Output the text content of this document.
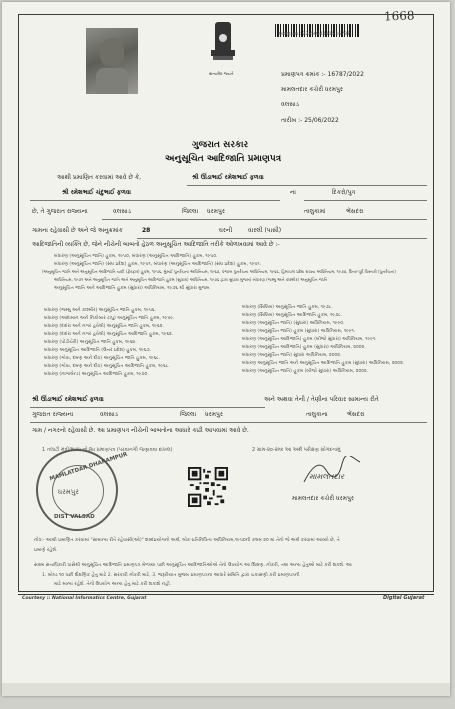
1668
સત્યમેવ જયતે
અરજી ક્રમ : 22350344006 16787
પ્રમાણપત્ર ક્રમાંક :- 16787/2022
મામલતદાર કચેરી ધરમપુર
વલસાડ
તારીખ :- 25/06/2022
ગુજરાત સરકાર
અનુસૂચિત આદિજાતિ પ્રમાણપત્ર
આથી પ્રમાણિત કરવામાં આવે છે કે,	શ્રી ઊંડાભાઈ રમેશભાઈ ફળવા
શ્રી રમેશભાઈ ચંદુભાઈ ફળવા	ના	દિકરો/પુત્ર
છે, તે ગુજરાત રાજ્યના	વલસાડ	જિલ્લા ધરમપુર	તાલુકામાં	ભેંસદરા
ગામના રહેવાસી છે અને જે અનુક્રમાંક	28	ઘરની	વારલી (પાસી)
આદિજાતિની વ્યક્તિ છે, જેને નીચેની બાબતો હેઠળ અનુસૂચિત આદિજાતિ તરીકે ઓળખવામાં આવે છે :-
બંધારણ (અનુસૂચિત જાતિ) હુકમ, ૧૯૫૦, બંધારણ (અનુસૂચિત આદિજાતિ) હુકમ, ૧૯૫૦.
બંધારણ (અનુસૂચિત જાતિ) (સંઘ પ્રદેશ) હુકમ, ૧૯૫૧, બંધારણ (અનુસૂચિત આદિજાતિ) (સંઘ પ્રદેશ) હુકમ, ૧૯૫૧.
(અનુસૂચિત જાતિ અને અનુસૂચિત આદિજાતિ યાદી (ફેરફાર) હુકમ, ૧૯૫૬, મુંબઈ પુનર્રચના અધિનિયમ, ૧૯૬૦, પંજાબ પુનર્રચના અધિનિયમ, ૧૯૬૬, હિમાચલ પ્રદેશ રાજ્ય અધિનિયમ, ૧૯૭૦, ઉત્તર-પૂર્વ વિસ્તારો (પુનર્રચના)
અધિનિયમ, ૧૯૭૧ અને અનુસૂચિત જાતિ અને અનુસૂચિત આદિજાતિ હુકમ (સુધારા) અધિનિયમ, ૧૯૭૬ દ્વારા સુધારા મુજબ) બંધારણ (જમ્મુ અને કાશ્મીર) અનુસૂચિત જાતિ
અનુસૂચિત જાતિ અને આદિજાતિ હુકમ (સુધારા) અધિનિયમ, ૧૯૭૬ થી સુધારા મુજબ
બંધારણ (જમ્મુ અને કાશ્મીર) અનુસૂચિત જાતિ હુકમ, ૧૯૫૬.
બંધારણ (આંદામાન અને નિકોબાર ટાપુ) અનુસૂચિત જાતિ હુકમ, ૧૯૫૯.
બંધારણ (દાદરા અને નગર હવેલી) અનુસૂચિત જાતિ હુકમ, ૧૯૬૨.
બંધારણ (દાદરા અને નગર હવેલી) અનુસૂચિત આદિજાતિ હુકમ, ૧૯૬૨.
બંધારણ (પોંડીચેરી) અનુસૂચિત જાતિ હુકમ, ૧૯૬૪.
બંધારણ અનુસૂચિત આદિજાતિ (ઉત્તર પ્રદેશ) હુકમ, ૧૯૬૭.
બંધારણ (ગોવા, દમણ અને દીવ) અનુસૂચિત જાતિ હુકમ, ૧૯૬૮.
બંધારણ (ગોવા, દમણ અને દીવ) અનુસૂચિત આદિજાતિ હુકમ, ૧૯૬૮.
બંધારણ (નાગાલેન્ડ) અનુસૂચિત આદિજાતિ હુકમ, ૧૯૭૦.
બંધારણ (સિક્કિમ) અનુસૂચિત જાતિ હુકમ, ૧૯૭૮.
બંધારણ (સિક્કિમ) અનુસૂચિત આદિજાતિ હુકમ, ૧૯૭૮.
બંધારણ (અનુસૂચિત જાતિ) (સુધારા) અધિનિયમ, ૧૯૯૦.
બંધારણ (અનુસૂચિત જાતિ) હુકમ (સુધારા) અધિનિયમ, ૧૯૯૧.
બંધારણ (અનુસૂચિત આદિજાતિ) હુકમ (બીજો સુધારા) અધિનિયમ, ૧૯૯૧.
બંધારણ (અનુસૂચિત આદિજાતિ) હુકમ (સુધારા) અધિનિયમ, ૨૦૦૨.
બંધારણ (અનુસૂચિત જાતિ) સુધારા અધિનિયમ, ૨૦૦૨.
બંધારણ અનુસૂચિત જાતિ અને અનુસૂચિત આદિજાતિ હુકમ (સુધારા) અધિનિયમ, ૨૦૦૨.
બંધારણ (અનુસૂચિત જાતિ) હુકમ (બીજો સુધારા) અધિનિયમ, ૨૦૦૨.
શ્રી ઊંડાભાઈ રમેશભાઈ ફળવા	અને અથવા તેની / તેણીના પરિવાર સામાન્ય રીતે
ગુજરાત રાજ્યના	વલસાડ	જિલ્લા ધરમપુર	તાલુકાના	ભેંસદરા
ગામ / નગરનો રહેવાસી છે. આ પ્રમાણપત્ર નીચેની બાબતોના આધારે કાઢી આપવામાં આવે છે.
1 તલાટી મંત્રી/શાળા છોડ્યા પ્રમાણપત્ર (પરવાનગી જણાવવા દાખલ)	2 ગ્રામ-૨૦-૨મ્ક આ અર્થ પરીક્ષણ સોગંદનામું
MAMLATDAR DHARAMPUR
ધરમપુર
DIST VALSAD
મામલતદાર
મામલતદાર કચેરી ધરમપુર
નોંધ:- આથી પ્રમાણિત કરવામાં "સામાન્ય રીતે રહેવાસી(ઓ)" શબ્દપ્રયોગનો અર્થ, લોક-પ્રતિનિધિત્વ અધિનિયમ,૧૯૫૦ની કલમ ૨૦ માં તેનો જે અર્થ કરવામાં આવ્યો છે, તે
પ્રમાણે રહેશે.
સક્ષમ સત્તાધિકારી પાસેથી અનુસૂચિત આદિજાતિ પ્રમાણપત્ર મેળવ્યા પછી અનુસૂચિત આદિજાતિઓએ તેનો ઉપયોગ આ શિક્ષણ, નોકરી, તથા અન્ય હેતુઓ માટે કરી શકશે. આ
1. બોલ્ડ ૧૦ પછી શૈક્ષણિક હેતુ માટે 2. સરકારી નોકરી માટે, 3. જરૂરીયાત મુજબ પ્રમાણપત્રના આધારે સમિતિ દ્વારા ચકાસણી કરી પ્રમાણપત્રની
માટે માન્ય રહેશે. તેનો ઉપયોગ અન્ય હેતુ માટે કરી શકાશે નહી.
Courtesy :: National Informatics Centre, Gujarat	Digital Gujarat
